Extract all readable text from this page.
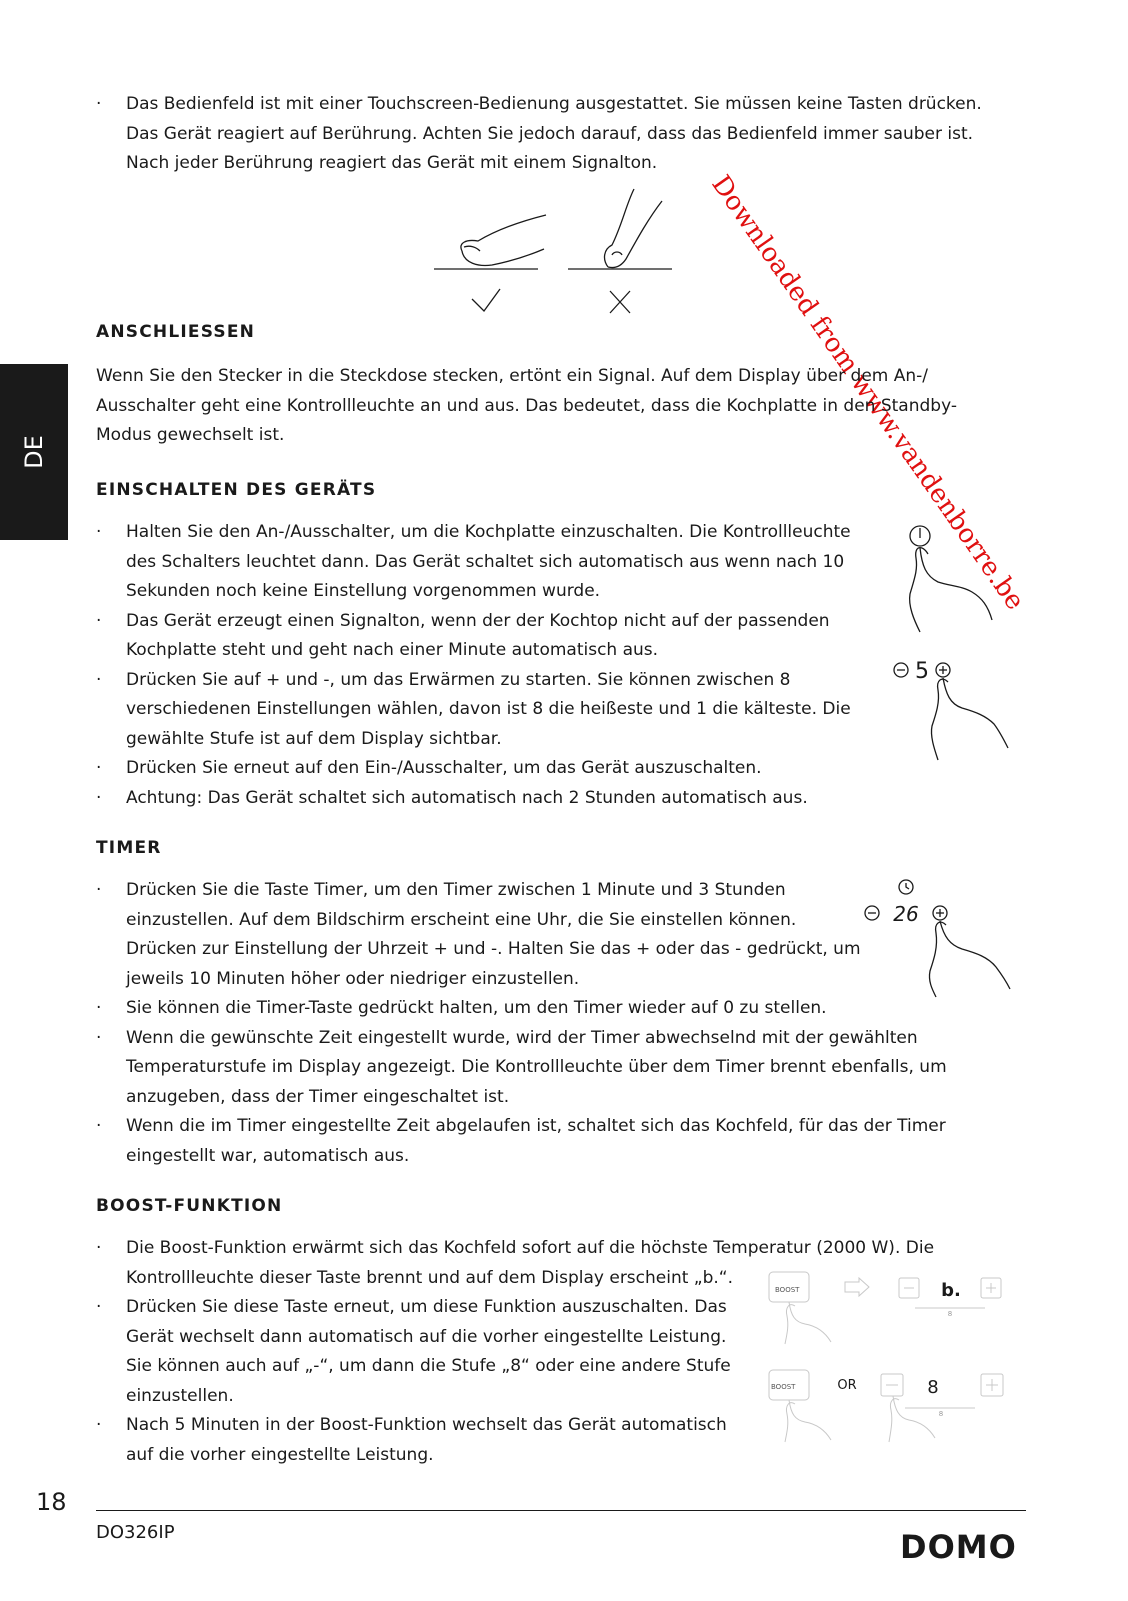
DE	Downloaded from www.vandenborre.be
· Das Bedienfeld ist mit einer Touchscreen-Bedienung ausgestattet. Sie müssen keine Tasten drücken. Das Gerät reagiert auf Berührung. Achten Sie jedoch darauf, dass das Bedienfeld immer sauber ist. Nach jeder Berührung reagiert das Gerät mit einem Signalton.
ANSCHLIESSEN

Wenn Sie den Stecker in die Steckdose stecken, ertönt ein Signal. Auf dem Display über dem An-/ Ausschalter geht eine Kontrollleuchte an und aus. Das bedeutet, dass die Kochplatte in den Standby-Modus gewechselt ist.

EINSCHALTEN DES GERÄTS
· Halten Sie den An-/Ausschalter, um die Kochplatte einzuschalten. Die Kontrollleuchte des Schalters leuchtet dann. Das Gerät schaltet sich automatisch aus wenn nach 10 Sekunden noch keine Einstellung vorgenommen wurde.
· Das Gerät erzeugt einen Signalton, wenn der der Kochtop nicht auf der passenden Kochplatte steht und geht nach einer Minute automatisch aus.
· Drücken Sie auf + und -, um das Erwärmen zu starten. Sie können zwischen 8 verschiedenen Einstellungen wählen, davon ist 8 die heißeste und 1 die kälteste. Die gewählte Stufe ist auf dem Display sichtbar.
· Drücken Sie erneut auf den Ein-/Ausschalter, um das Gerät auszuschalten.
· Achtung: Das Gerät schaltet sich automatisch nach 2 Stunden automatisch aus.
5
TIMER
· Drücken Sie die Taste Timer, um den Timer zwischen 1 Minute und 3 Stunden einzustellen. Auf dem Bildschirm erscheint eine Uhr, die Sie einstellen können. Drücken zur Einstellung der Uhrzeit + und -. Halten Sie das + oder das - gedrückt, um jeweils 10 Minuten höher oder niedriger einzustellen.
· Sie können die Timer-Taste gedrückt halten, um den Timer wieder auf 0 zu stellen.
· Wenn die gewünschte Zeit eingestellt wurde, wird der Timer abwechselnd mit der gewählten Temperaturstufe im Display angezeigt. Die Kontrollleuchte über dem Timer brennt ebenfalls, um anzugeben, dass der Timer eingeschaltet ist.
· Wenn die im Timer eingestellte Zeit abgelaufen ist, schaltet sich das Kochfeld, für das der Timer eingestellt war, automatisch aus.
26
BOOST-FUNKTION
· Die Boost-Funktion erwärmt sich das Kochfeld sofort auf die höchste Temperatur (2000 W). Die Kontrollleuchte dieser Taste brennt und auf dem Display erscheint „b.“.
· Drücken Sie diese Taste erneut, um diese Funktion auszuschalten. Das Gerät wechselt dann automatisch auf die vorher eingestellte Leistung. Sie können auch auf „-“, um dann die Stufe „8“ oder eine andere Stufe einzustellen.
· Nach 5 Minuten in der Boost-Funktion wechselt das Gerät automatisch auf die vorher eingestellte Leistung.
BOOST	b.
8
BOOST	OR	8
8
18
DO326IP	DOMO
